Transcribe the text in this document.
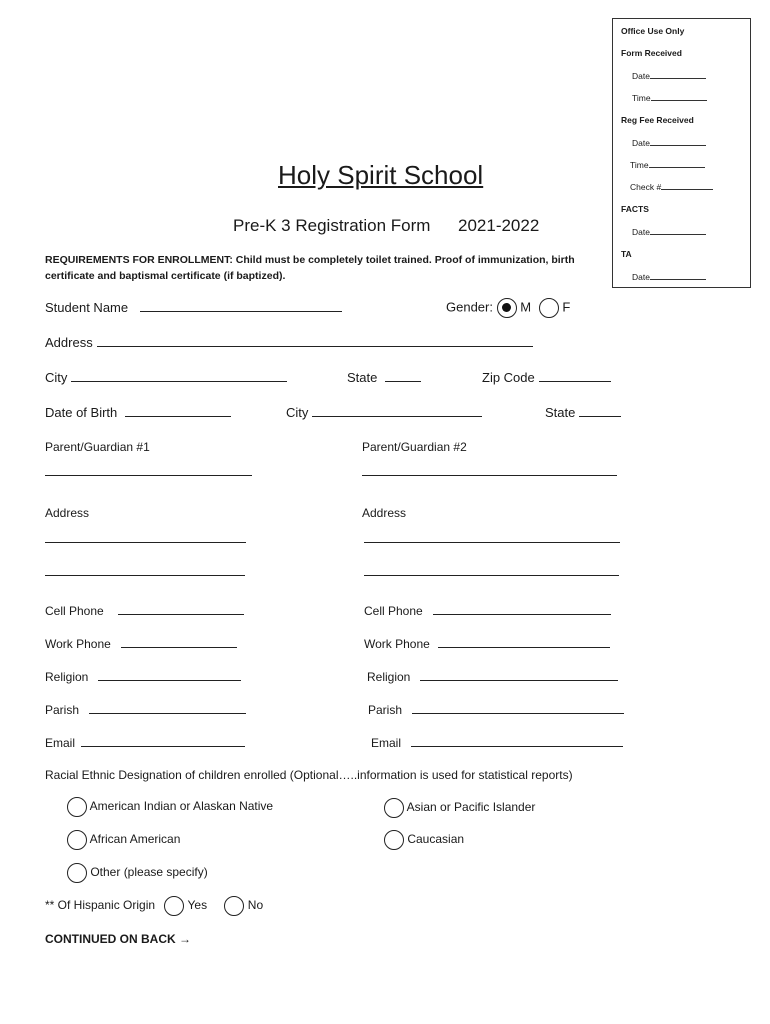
Office Use Only
Form Received
Date
Time
Reg Fee Received
Date
Time
Check #
FACTS
Date
TA
Date
Holy Spirit School
Pre-K 3 Registration Form 2021-2022
REQUIREMENTS FOR ENROLLMENT: Child must be completely toilet trained. Proof of immunization, birth certificate and baptismal certificate (if baptized).
Student Name	Gender: M F
Address
City	State	Zip Code
Date of Birth	City	State
Parent/Guardian #1	Parent/Guardian #2
Address	Address
Cell Phone	Cell Phone
Work Phone	Work Phone
Religion	Religion
Parish	Parish
Email	Email
Racial Ethnic Designation of children enrolled (Optional…..information is used for statistical reports)
American Indian or Alaskan Native	Asian or Pacific Islander
African American	Caucasian
Other (please specify)
** Of Hispanic Origin	Yes	No
CONTINUED ON BACK →
